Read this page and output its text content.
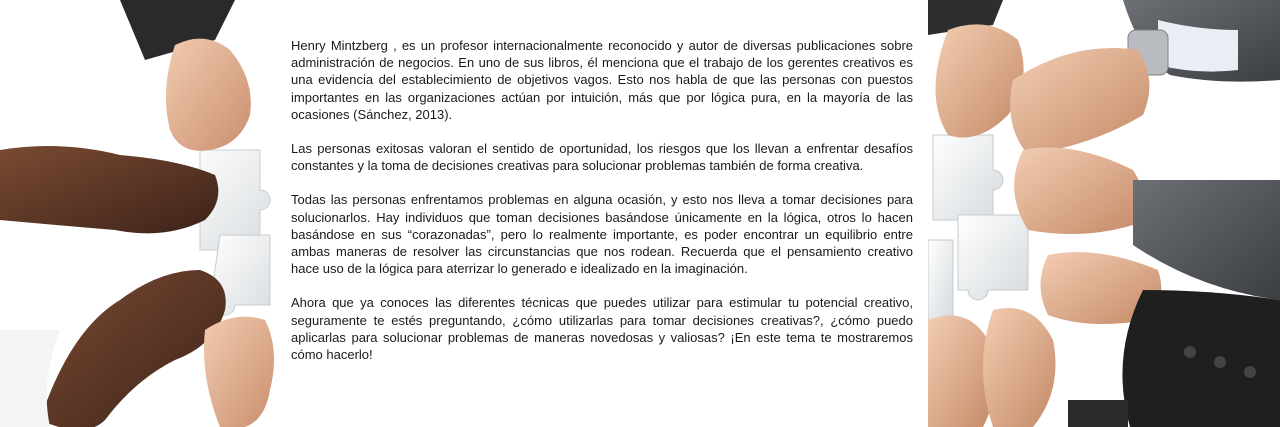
Henry Mintzberg , es un profesor internacionalmente reconocido y autor de diversas publicaciones sobre administración de negocios. En uno de sus libros, él menciona que el trabajo de los gerentes creativos es una evidencia del establecimiento de objetivos vagos. Esto nos habla de que las personas con puestos importantes en las organizaciones actúan por intuición, más que por lógica pura, en la mayoría de las ocasiones (Sánchez, 2013).

Las personas exitosas valoran el sentido de oportunidad, los riesgos que los llevan a enfrentar desafíos constantes y la toma de decisiones creativas para solucionar problemas también de forma creativa.

Todas las personas enfrentamos problemas en alguna ocasión, y esto nos lleva a tomar decisiones para solucionarlos. Hay individuos que toman decisiones basándose únicamente en la lógica, otros lo hacen basándose en sus “corazonadas”, pero lo realmente importante, es poder encontrar un equilibrio entre ambas maneras de resolver las circunstancias que nos rodean. Recuerda que el pensamiento creativo hace uso de la lógica para aterrizar lo generado e idealizado en la imaginación.

Ahora que ya conoces las diferentes técnicas que puedes utilizar para estimular tu potencial creativo, seguramente te estés preguntando, ¿cómo utilizarlas para tomar decisiones creativas?, ¿cómo puedo aplicarlas para solucionar problemas de maneras novedosas y valiosas? ¡En este tema te mostraremos cómo hacerlo!
